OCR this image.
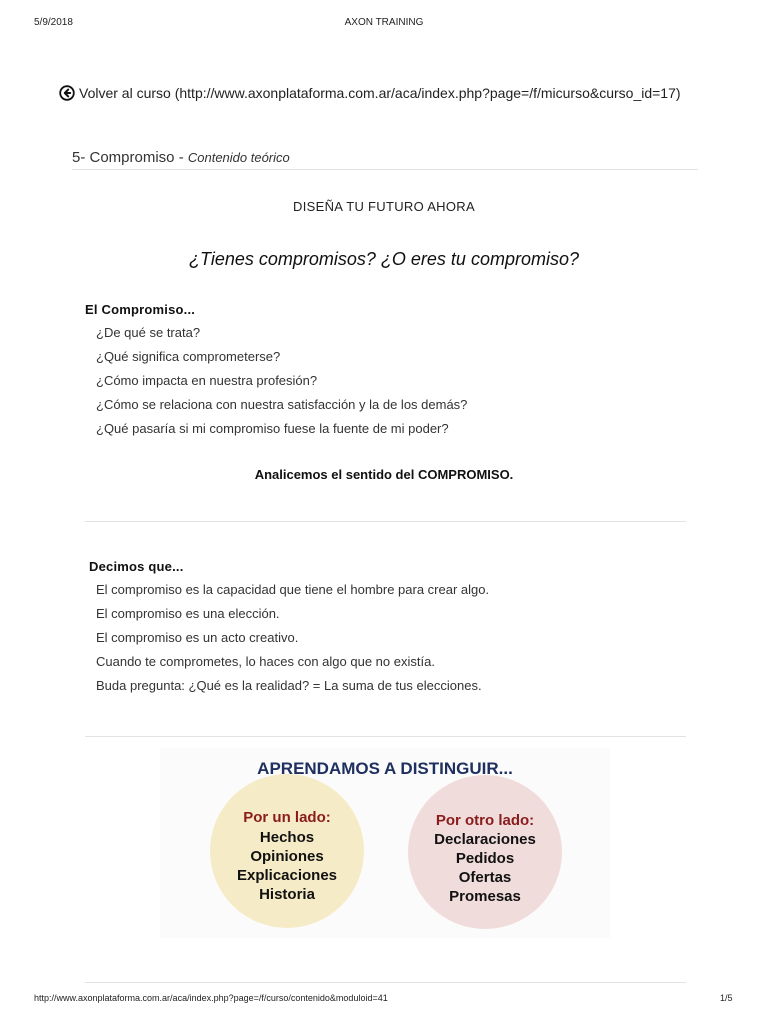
5/9/2018	AXON TRAINING
Volver al curso (http://www.axonplataforma.com.ar/aca/index.php?page=/f/micurso&curso_id=17)
5- Compromiso - Contenido teórico
DISEÑA TU FUTURO AHORA
¿Tienes compromisos? ¿O eres tu compromiso?
El Compromiso...
¿De qué se trata?
¿Qué significa comprometerse?
¿Cómo impacta en nuestra profesión?
¿Cómo se relaciona con nuestra satisfacción y la de los demás?
¿Qué pasaría si mi compromiso fuese la fuente de mi poder?
Analicemos el sentido del COMPROMISO.
Decimos que...
El compromiso es la capacidad que tiene el hombre para crear algo.
El compromiso es una elección.
El compromiso es un acto creativo.
Cuando te comprometes, lo haces con algo que no existía.
Buda pregunta: ¿Qué es la realidad? = La suma de tus elecciones.
APRENDAMOS A DISTINGUIR...
Por un lado:
Hechos
Opiniones
Explicaciones
Historia
Por otro lado:
Declaraciones
Pedidos
Ofertas
Promesas
http://www.axonplataforma.com.ar/aca/index.php?page=/f/curso/contenido&moduloid=41	1/5
